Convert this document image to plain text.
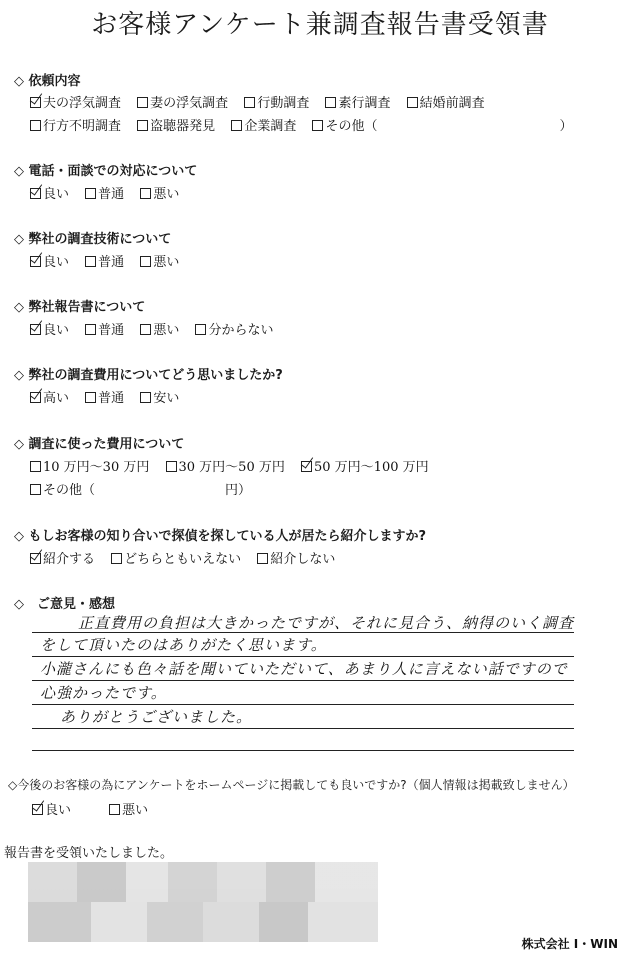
お客様アンケート兼調査報告書受領書
◇ 依頼内容
夫の浮気調査 妻の浮気調査 行動調査 素行調査 結婚前調査
行方不明調査 盗聴器発見 企業調査 その他（　　　　　　　　　　　　　　）
◇ 電話・面談での対応について
良い 普通 悪い
◇ 弊社の調査技術について
良い 普通 悪い
◇ 弊社報告書について
良い 普通 悪い 分からない
◇ 弊社の調査費用についてどう思いましたか?
高い 普通 安い
◇ 調査に使った費用について
10 万円～30 万円 30 万円～50 万円 50 万円～100 万円
その他（　　　　　　　　　　円）
◇ もしお客様の知り合いで探偵を探している人が居たら紹介しますか?
紹介する どちらともいえない 紹介しない
◇　ご意見・感想
正直費用の負担は大きかったですが、それに見合う、納得のいく調査
をして頂いたのはありがたく思います。
小瀧さんにも色々話を聞いていただいて、あまり人に言えない話ですので
心強かったです。
ありがとうございました。
◇今後のお客様の為にアンケートをホームページに掲載しても良いですか?（個人情報は掲載致しません）
良い	悪い
報告書を受領いたしました。
株式会社 I・WIN
